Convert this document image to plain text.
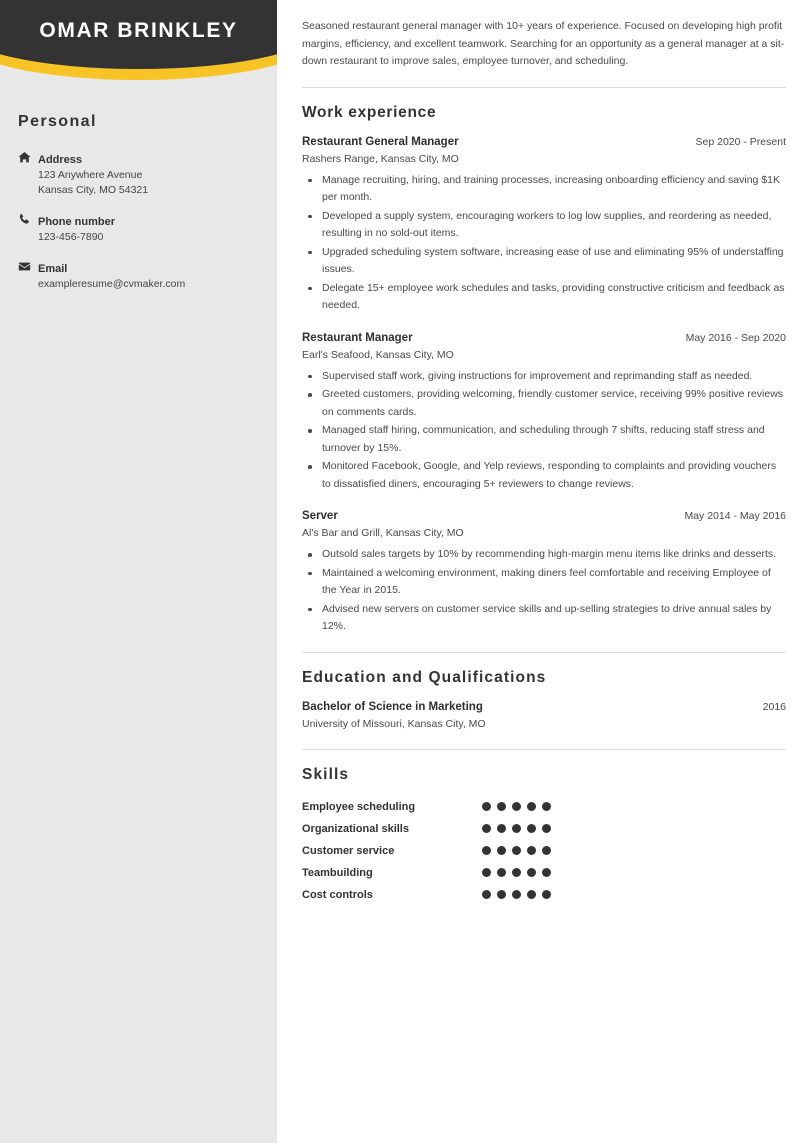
OMAR BRINKLEY
Personal
Address
123 Anywhere Avenue
Kansas City, MO 54321
Phone number
123-456-7890
Email
exampleresume@cvmaker.com

Seasoned restaurant general manager with 10+ years of experience. Focused on developing high profit margins, efficiency, and excellent teamwork. Searching for an opportunity as a general manager at a sit-down restaurant to improve sales, employee turnover, and scheduling.

Work experience
Restaurant General Manager	Sep 2020 - Present
Rashers Range, Kansas City, MO
Manage recruiting, hiring, and training processes, increasing onboarding efficiency and saving $1K per month.
Developed a supply system, encouraging workers to log low supplies, and reordering as needed, resulting in no sold-out items.
Upgraded scheduling system software, increasing ease of use and eliminating 95% of understaffing issues.
Delegate 15+ employee work schedules and tasks, providing constructive criticism and feedback as needed.
Restaurant Manager	May 2016 - Sep 2020
Earl's Seafood, Kansas City, MO
Supervised staff work, giving instructions for improvement and reprimanding staff as needed.
Greeted customers, providing welcoming, friendly customer service, receiving 99% positive reviews on comments cards.
Managed staff hiring, communication, and scheduling through 7 shifts, reducing staff stress and turnover by 15%.
Monitored Facebook, Google, and Yelp reviews, responding to complaints and providing vouchers to dissatisfied diners, encouraging 5+ reviewers to change reviews.
Server	May 2014 - May 2016
Al's Bar and Grill, Kansas City, MO
Outsold sales targets by 10% by recommending high-margin menu items like drinks and desserts.
Maintained a welcoming environment, making diners feel comfortable and receiving Employee of the Year in 2015.
Advised new servers on customer service skills and up-selling strategies to drive annual sales by 12%.
Education and Qualifications
Bachelor of Science in Marketing	2016
University of Missouri, Kansas City, MO
Skills
Employee scheduling
Organizational skills
Customer service
Teambuilding
Cost controls
